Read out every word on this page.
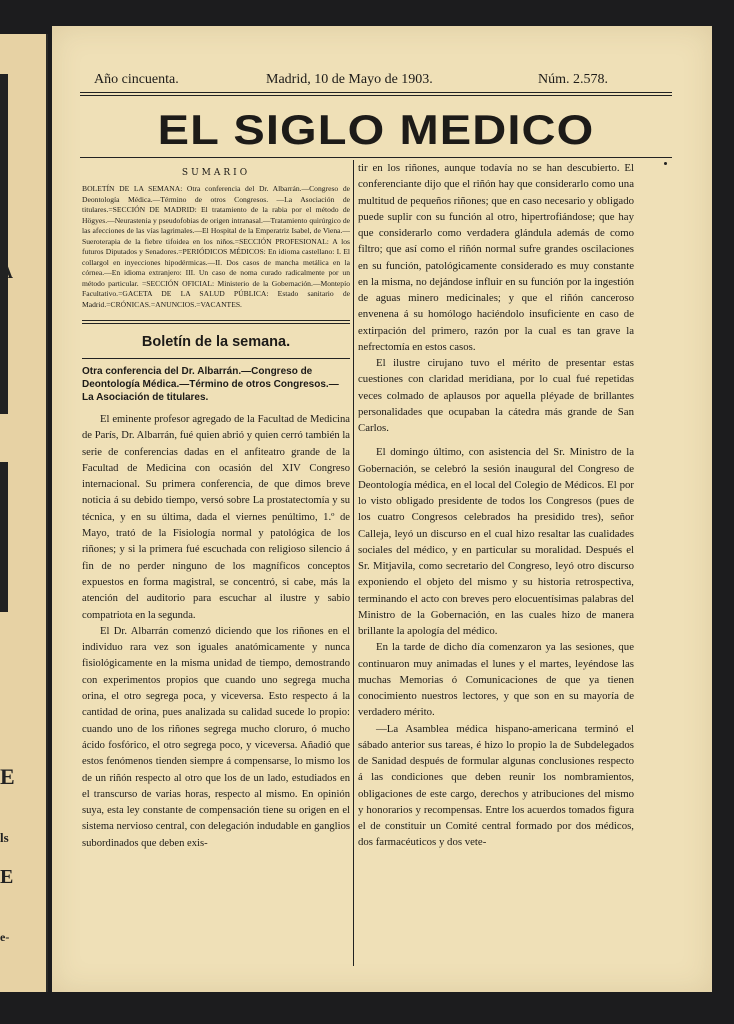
I
A
E
ls
E
e-
Año cincuenta.	Madrid, 10 de Mayo de 1903.	Núm. 2.578.
EL SIGLO MEDICO
SUMARIO
BOLETÍN DE LA SEMANA: Otra conferencia del Dr. Albarrán.—Congreso de Deontología Médica.—Término de otros Congresos. —La Asociación de titulares.=SECCIÓN DE MADRID: El tratamiento de la rabia por el método de Högyes.—Neurastenia y pseudofobias de origen intranasal.—Tratamiento quirúrgico de las afecciones de las vías lagrimales.—El Hospital de la Emperatriz Isabel, de Viena.—Sueroterapia de la fiebre tifoidea en los niños.=SECCIÓN PROFESIONAL: A los futuros Diputados y Senadores.=PERIÓDICOS MÉDICOS: En idioma castellano: I. El collargol en inyecciones hipodérmicas.—II. Dos casos de mancha metálica en la córnea.—En idioma extranjero: III. Un caso de noma curado radicalmente por un método particular. =SECCIÓN OFICIAL: Ministerio de la Gobernación.—Montepío Facultativo.=GACETA DE LA SALUD PÚBLICA: Estado sanitario de Madrid.=CRÓNICAS.=ANUNCIOS.=VACANTES.
Boletín de la semana.
Otra conferencia del Dr. Albarrán.—Congreso de Deontología Médica.—Término de otros Congresos.—La Asociación de titulares.

El eminente profesor agregado de la Facultad de Medicina de París, Dr. Albarrán, fué quien abrió y quien cerró también la serie de conferencias dadas en el anfiteatro grande de la Facultad de Medicina con ocasión del XIV Congreso internacional. Su primera conferencia, de que dimos breve noticia á su debido tiempo, versó sobre La prostatectomía y su técnica, y en su última, dada el viernes penúltimo, 1.º de Mayo, trató de la Fisiología normal y patológica de los riñones; y si la primera fué escuchada con religioso silencio á fin de no perder ninguno de los magníficos conceptos expuestos en forma magistral, se concentró, si cabe, más la atención del auditorio para escuchar al ilustre y sabio compatriota en la segunda.

El Dr. Albarrán comenzó diciendo que los riñones en el individuo rara vez son iguales anatómicamente y nunca fisiológicamente en la misma unidad de tiempo, demostrando con experimentos propios que cuando uno segrega mucha orina, el otro segrega poca, y viceversa. Esto respecto á la cantidad de orina, pues analizada su calidad sucede lo propio: cuando uno de los riñones segrega mucho cloruro, ó mucho ácido fosfórico, el otro segrega poco, y viceversa. Añadió que estos fenómenos tienden siempre á compensarse, lo mismo los de un riñón respecto al otro que los de un lado, estudiados en el transcurso de varias horas, respecto al mismo. En opinión suya, esta ley constante de compensación tiene su origen en el sistema nervioso central, con delegación indudable en ganglios subordinados que deben exis-

tir en los riñones, aunque todavía no se han descubierto. El conferenciante dijo que el riñón hay que considerarlo como una multitud de pequeños riñones; que en caso necesario y obligado puede suplir con su función al otro, hipertrofiándose; que hay que considerarlo como verdadera glándula además de como filtro; que así como el riñón normal sufre grandes oscilaciones en su función, patológicamente considerado es muy constante en la misma, no dejándose influir en su función por la ingestión de aguas minero medicinales; y que el riñón canceroso envenena á su homólogo haciéndolo insuficiente en caso de extirpación del primero, razón por la cual es tan grave la nefrectomía en estos casos.

El ilustre cirujano tuvo el mérito de presentar estas cuestiones con claridad meridiana, por lo cual fué repetidas veces colmado de aplausos por aquella pléyade de brillantes personalidades que ocupaban la cátedra más grande de San Carlos.

El domingo último, con asistencia del Sr. Ministro de la Gobernación, se celebró la sesión inaugural del Congreso de Deontología médica, en el local del Colegio de Médicos. El por lo visto obligado presidente de todos los Congresos (pues de los cuatro Congresos celebrados ha presidido tres), señor Calleja, leyó un discurso en el cual hizo resaltar las cualidades sociales del médico, y en particular su moralidad. Después el Sr. Mitjavila, como secretario del Congreso, leyó otro discurso exponiendo el objeto del mismo y su historia retrospectiva, terminando el acto con breves pero elocuentísimas palabras del Ministro de la Gobernación, en las cuales hizo de manera brillante la apología del médico.

En la tarde de dicho día comenzaron ya las sesiones, que continuaron muy animadas el lunes y el martes, leyéndose las muchas Memorias ó Comunicaciones de que ya tienen conocimiento nuestros lectores, y que son en su mayoría de verdadero mérito.

—La Asamblea médica hispano-americana terminó el sábado anterior sus tareas, é hizo lo propio la de Subdelegados de Sanidad después de formular algunas conclusiones respecto á las condiciones que deben reunir los nombramientos, obligaciones de este cargo, derechos y atribuciones del mismo y honorarios y recompensas. Entre los acuerdos tomados figura el de constituir un Comité central formado por dos médicos, dos farmacéuticos y dos vete-
